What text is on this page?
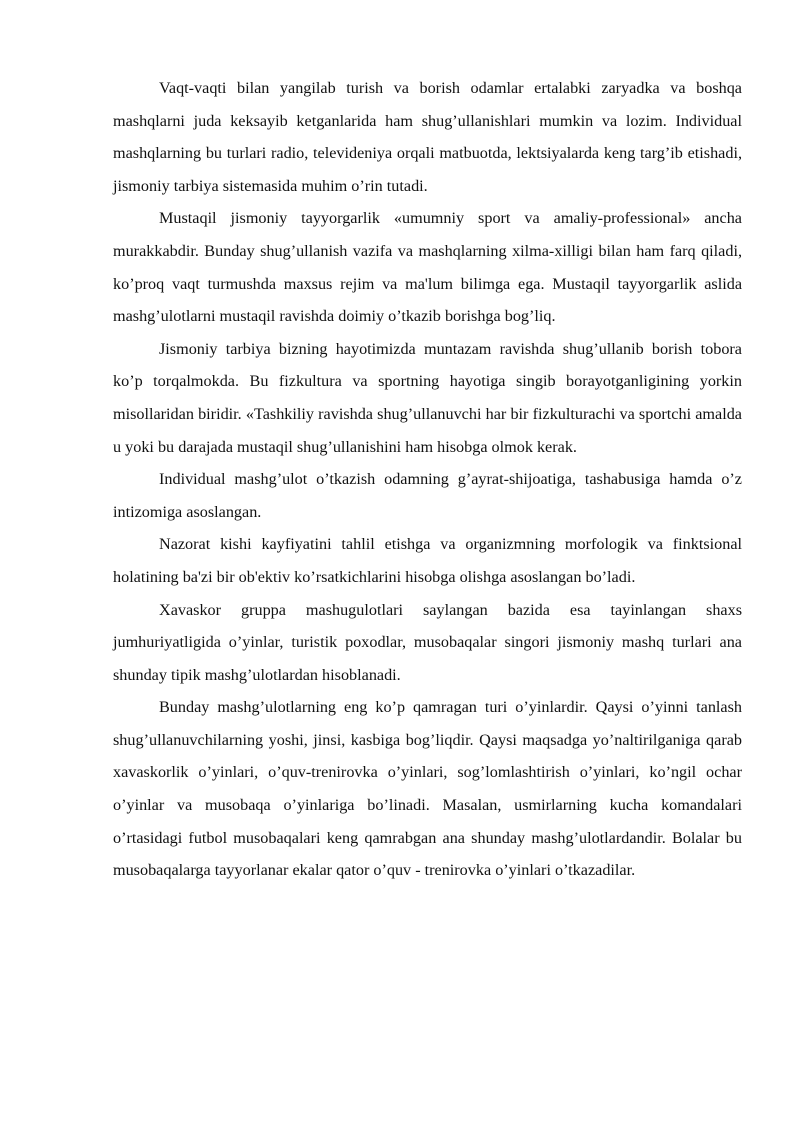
Vaqt-vaqti bilan yangilab turish va borish odamlar ertalabki zaryadka va boshqa mashqlarni juda keksayib ketganlarida ham shug’ullanishlari mumkin va lozim. Individual mashqlarning bu turlari radio, televideniya orqali matbuotda, lektsiyalarda keng targ’ib etishadi, jismoniy tarbiya sistemasida muhim o’rin tutadi.

Mustaqil jismoniy tayyorgarlik «umumniy sport va amaliy-professional» ancha murakkabdir. Bunday shug’ullanish vazifa va mashqlarning xilma-xilligi bilan ham farq qiladi, ko’proq vaqt turmushda maxsus rejim va ma'lum bilimga ega. Mustaqil tayyorgarlik aslida mashg’ulotlarni mustaqil ravishda doimiy o’tkazib borishga bog’liq.

Jismoniy tarbiya bizning hayotimizda muntazam ravishda shug’ullanib borish tobora ko’p torqalmokda. Bu fizkultura va sportning hayotiga singib borayotganligining yorkin misollaridan biridir. «Tashkiliy ravishda shug’ullanuvchi har bir fizkulturachi va sportchi amalda u yoki bu darajada mustaqil shug’ullanishini ham hisobga olmok kerak.

Individual mashg’ulot o’tkazish odamning g’ayrat-shijoatiga, tashabusiga hamda o’z intizomiga asoslangan.

Nazorat kishi kayfiyatini tahlil etishga va organizmning morfologik va finktsional holatining ba'zi bir ob'ektiv ko’rsatkichlarini hisobga olishga asoslangan bo’ladi.

Xavaskor gruppa mashugulotlari saylangan bazida esa tayinlangan shaxs jumhuriyatligida o’yinlar, turistik poxodlar, musobaqalar singori jismoniy mashq turlari ana shunday tipik mashg’ulotlardan hisoblanadi.

Bunday mashg’ulotlarning eng ko’p qamragan turi o’yinlardir. Qaysi o’yinni tanlash shug’ullanuvchilarning yoshi, jinsi, kasbiga bog’liqdir. Qaysi maqsadga yo’naltirilganiga qarab xavaskorlik o’yinlari, o’quv-trenirovka o’yinlari, sog’lomlashtirish o’yinlari, ko’ngil ochar o’yinlar va musobaqa o’yinlariga bo’linadi. Masalan, usmirlarning kucha komandalari o’rtasidagi futbol musobaqalari keng qamrabgan ana shunday mashg’ulotlardandir. Bolalar bu musobaqalarga tayyorlanar ekalar qator o’quv - trenirovka o’yinlari o’tkazadilar.
